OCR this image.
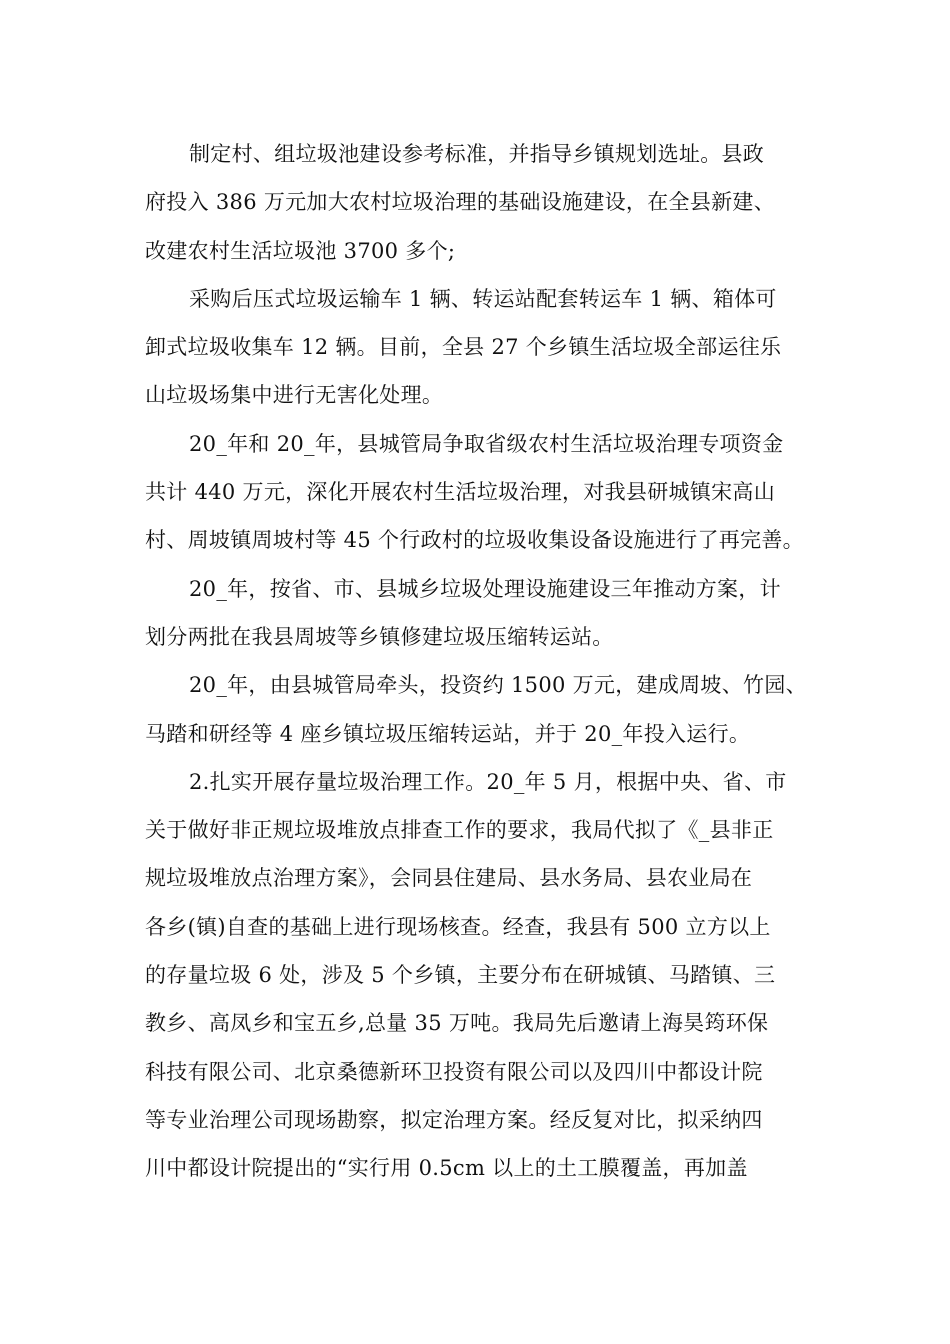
制定村、组垃圾池建设参考标准，并指导乡镇规划选址。县政
府投入 386 万元加大农村垃圾治理的基础设施建设，在全县新建、
改建农村生活垃圾池 3700 多个;

采购后压式垃圾运输车 1 辆、转运站配套转运车 1 辆、箱体可
卸式垃圾收集车 12 辆。目前，全县 27 个乡镇生活垃圾全部运往乐
山垃圾场集中进行无害化处理。

20_年和 20_年，县城管局争取省级农村生活垃圾治理专项资金
共计 440 万元，深化开展农村生活垃圾治理，对我县研城镇宋高山
村、周坡镇周坡村等 45 个行政村的垃圾收集设备设施进行了再完善。

20_年，按省、市、县城乡垃圾处理设施建设三年推动方案，计
划分两批在我县周坡等乡镇修建垃圾压缩转运站。

20_年，由县城管局牵头，投资约 1500 万元，建成周坡、竹园、
马踏和研经等 4 座乡镇垃圾压缩转运站，并于 20_年投入运行。

2.扎实开展存量垃圾治理工作。20_年 5 月，根据中央、省、市
关于做好非正规垃圾堆放点排查工作的要求，我局代拟了《_县非正
规垃圾堆放点治理方案》，会同县住建局、县水务局、县农业局在
各乡(镇)自查的基础上进行现场核查。经查，我县有 500 立方以上
的存量垃圾 6 处，涉及 5 个乡镇，主要分布在研城镇、马踏镇、三
教乡、高凤乡和宝五乡,总量 35 万吨。我局先后邀请上海昊筠环保
科技有限公司、北京桑德新环卫投资有限公司以及四川中都设计院
等专业治理公司现场勘察，拟定治理方案。经反复对比，拟采纳四
川中都设计院提出的“实行用 0.5cm 以上的土工膜覆盖，再加盖
